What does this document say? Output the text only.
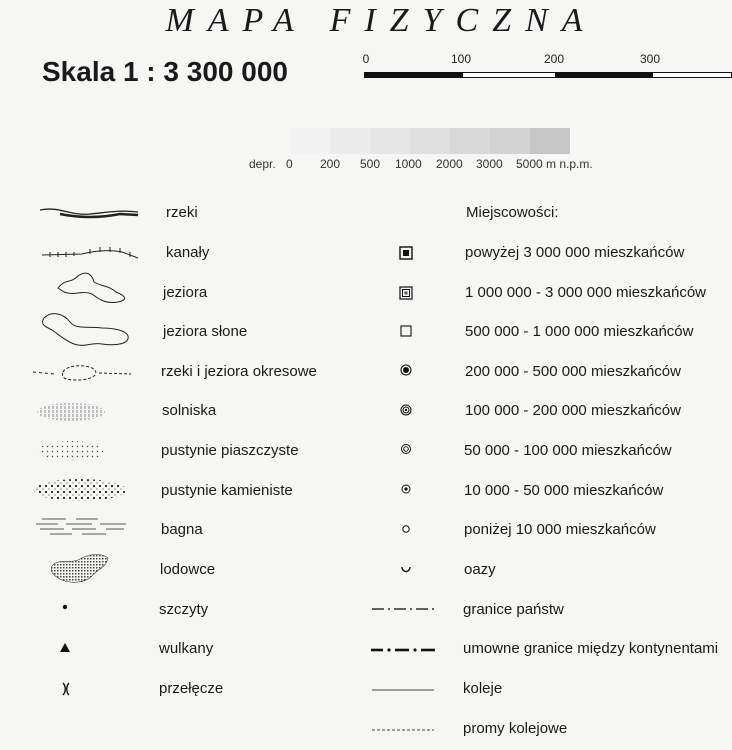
MAPA FIZYCZNA
Skala 1 : 3 300 000	0	100	200	300
depr. 0 200 500 1000 2000 3000 5000 m n.p.m.
rzeki
kanały
jeziora
jeziora słone
rzeki i jeziora okresowe
solniska
pustynie piaszczyste
pustynie kamieniste
bagna
lodowce
szczyty
wulkany
przełęcze
Miejscowości:
powyżej 3 000 000 mieszkańców
1 000 000 - 3 000 000 mieszkańców
500 000 - 1 000 000 mieszkańców
200 000 - 500 000 mieszkańców
100 000 - 200 000 mieszkańców
50 000 - 100 000 mieszkańców
10 000 - 50 000 mieszkańców
poniżej 10 000 mieszkańców
oazy
granice państw
umowne granice między kontynentami
koleje
promy kolejowe
